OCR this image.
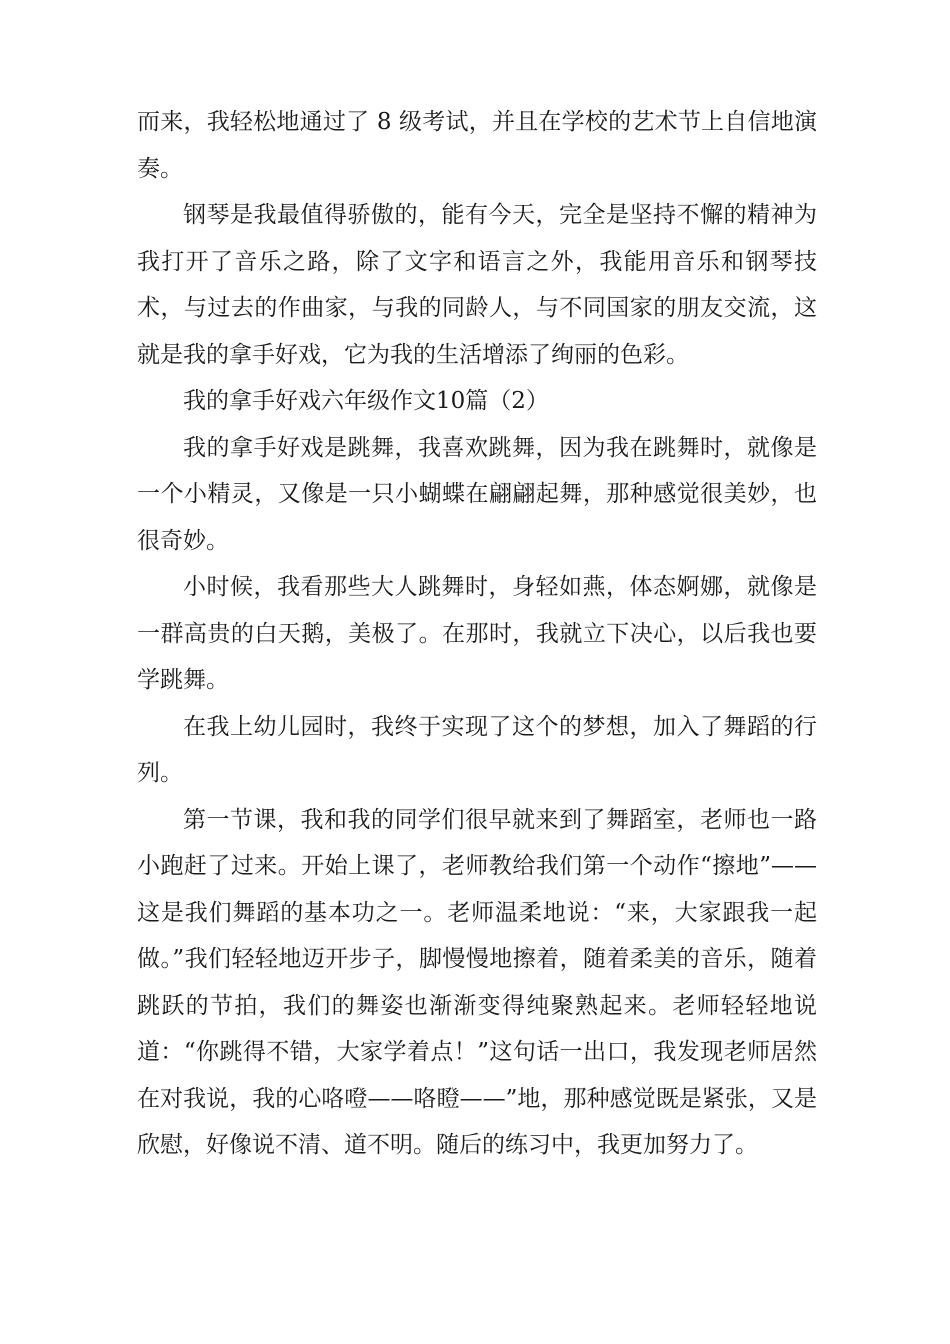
而来，我轻松地通过了 8 级考试，并且在学校的艺术节上自信地演奏。

钢琴是我最值得骄傲的，能有今天，完全是坚持不懈的精神为我打开了音乐之路，除了文字和语言之外，我能用音乐和钢琴技术，与过去的作曲家，与我的同龄人，与不同国家的朋友交流，这就是我的拿手好戏，它为我的生活增添了绚丽的色彩。

我的拿手好戏六年级作文10篇（2）

我的拿手好戏是跳舞，我喜欢跳舞，因为我在跳舞时，就像是一个小精灵，又像是一只小蝴蝶在翩翩起舞，那种感觉很美妙，也很奇妙。

小时候，我看那些大人跳舞时，身轻如燕，体态婀娜，就像是一群高贵的白天鹅，美极了。在那时，我就立下决心，以后我也要学跳舞。

在我上幼儿园时，我终于实现了这个的梦想，加入了舞蹈的行列。

第一节课，我和我的同学们很早就来到了舞蹈室，老师也一路小跑赶了过来。开始上课了，老师教给我们第一个动作“擦地”——这是我们舞蹈的基本功之一。老师温柔地说：“来，大家跟我一起做。”我们轻轻地迈开步子，脚慢慢地擦着，随着柔美的音乐，随着跳跃的节拍，我们的舞姿也渐渐变得纯聚熟起来。老师轻轻地说道：“你跳得不错，大家学着点！”这句话一出口，我发现老师居然在对我说，我的心咯噔——咯瞪——”地，那种感觉既是紧张，又是欣慰，好像说不清、道不明。随后的练习中，我更加努力了。
